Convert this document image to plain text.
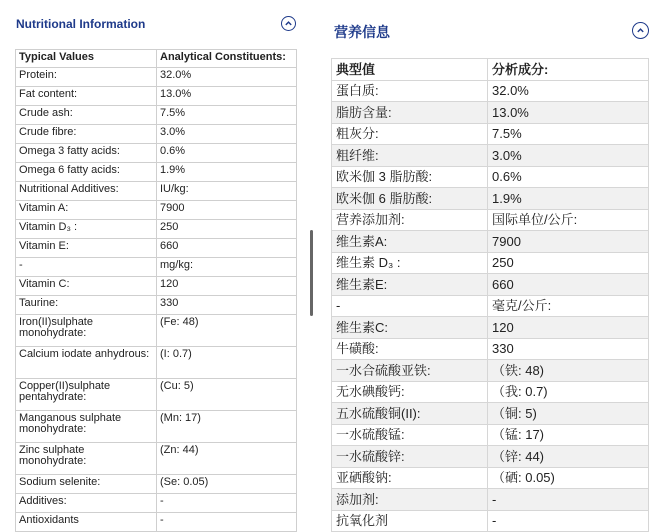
Nutritional Information
Typical Values	Analytical Constituents:
Protein:	32.0%
Fat content:	13.0%
Crude ash:	7.5%
Crude fibre:	3.0%
Omega 3 fatty acids:	0.6%
Omega 6 fatty acids:	1.9%
Nutritional Additives:	IU/kg:
Vitamin A:	7900
Vitamin D₃ :	250
Vitamin E:	660
-	mg/kg:
Vitamin C:	120
Taurine:	330
Iron(II)sulphate monohydrate:	(Fe: 48)
Calcium iodate anhydrous:	(I: 0.7)
Copper(II)sulphate pentahydrate:	(Cu: 5)
Manganous sulphate monohydrate:	(Mn: 17)
Zinc sulphate monohydrate:	(Zn: 44)
Sodium selenite:	(Se: 0.05)
Additives:	-
Antioxidants	-
营养信息
典型值	分析成分:
蛋白质:	32.0%
脂肪含量:	13.0%
粗灰分:	7.5%
粗纤维:	3.0%
欧米伽 3 脂肪酸:	0.6%
欧米伽 6 脂肪酸:	1.9%
营养添加剂:	国际单位/公斤:
维生素A:	7900
维生素 D₃ :	250
维生素E:	660
-	毫克/公斤:
维生素C:	120
牛磺酸:	330
一水合硫酸亚铁:	（铁: 48)
无水碘酸钙:	（我: 0.7)
五水硫酸铜(II):	（铜: 5)
一水硫酸锰:	（锰: 17)
一水硫酸锌:	（锌: 44)
亚硒酸钠:	（硒: 0.05)
添加剂:	-
抗氧化剂	-
